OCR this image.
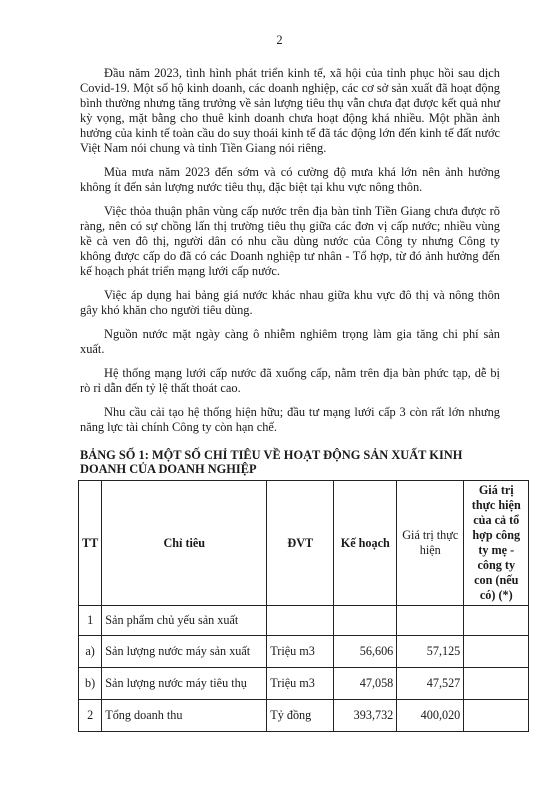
2

Đầu năm 2023, tình hình phát triển kinh tế, xã hội của tỉnh phục hồi sau dịch Covid-19. Một số hộ kinh doanh, các doanh nghiệp, các cơ sở sản xuất đã hoạt động bình thường nhưng tăng trưởng về sản lượng tiêu thụ vẫn chưa đạt được kết quả như kỳ vọng, mặt bằng cho thuê kinh doanh chưa hoạt động khá nhiều. Một phần ảnh hưởng của kinh tế toàn cầu do suy thoái kinh tế đã tác động lớn đến kinh tế đất nước Việt Nam nói chung và tỉnh Tiền Giang nói riêng.

Mùa mưa năm 2023 đến sớm và có cường độ mưa khá lớn nên ảnh hưởng không ít đến sản lượng nước tiêu thụ, đặc biệt tại khu vực nông thôn.

Việc thỏa thuận phân vùng cấp nước trên địa bàn tỉnh Tiền Giang chưa được rõ ràng, nên có sự chồng lấn thị trường tiêu thụ giữa các đơn vị cấp nước; nhiều vùng kề cà ven đô thị, người dân có nhu cầu dùng nước của Công ty nhưng Công ty không được cấp do đã có các Doanh nghiệp tư nhân - Tổ hợp, từ đó ảnh hưởng đến kế hoạch phát triển mạng lưới cấp nước.

Việc áp dụng hai bảng giá nước khác nhau giữa khu vực đô thị và nông thôn gây khó khăn cho người tiêu dùng.

Nguồn nước mặt ngày càng ô nhiễm nghiêm trọng làm gia tăng chi phí sản xuất.

Hệ thống mạng lưới cấp nước đã xuống cấp, nằm trên địa bàn phức tạp, dễ bị rò rỉ dẫn đến tỷ lệ thất thoát cao.

Nhu cầu cải tạo hệ thống hiện hữu; đầu tư mạng lưới cấp 3 còn rất lớn nhưng năng lực tài chính Công ty còn hạn chế.

BẢNG SỐ 1: MỘT SỐ CHỈ TIÊU VỀ HOẠT ĐỘNG SẢN XUẤT KINH DOANH CỦA DOANH NGHIỆP
TT	Chỉ tiêu	ĐVT	Kế hoạch	Giá trị thực hiện	Giá trị thực hiện của cả tổ hợp công ty mẹ - công ty con (nếu có) (*)
1	Sản phẩm chủ yếu sản xuất				
a)	Sản lượng nước máy sản xuất	Triệu m3	56,606	57,125	
b)	Sản lượng nước máy tiêu thụ	Triệu m3	47,058	47,527	
2	Tổng doanh thu	Tỷ đồng	393,732	400,020	
